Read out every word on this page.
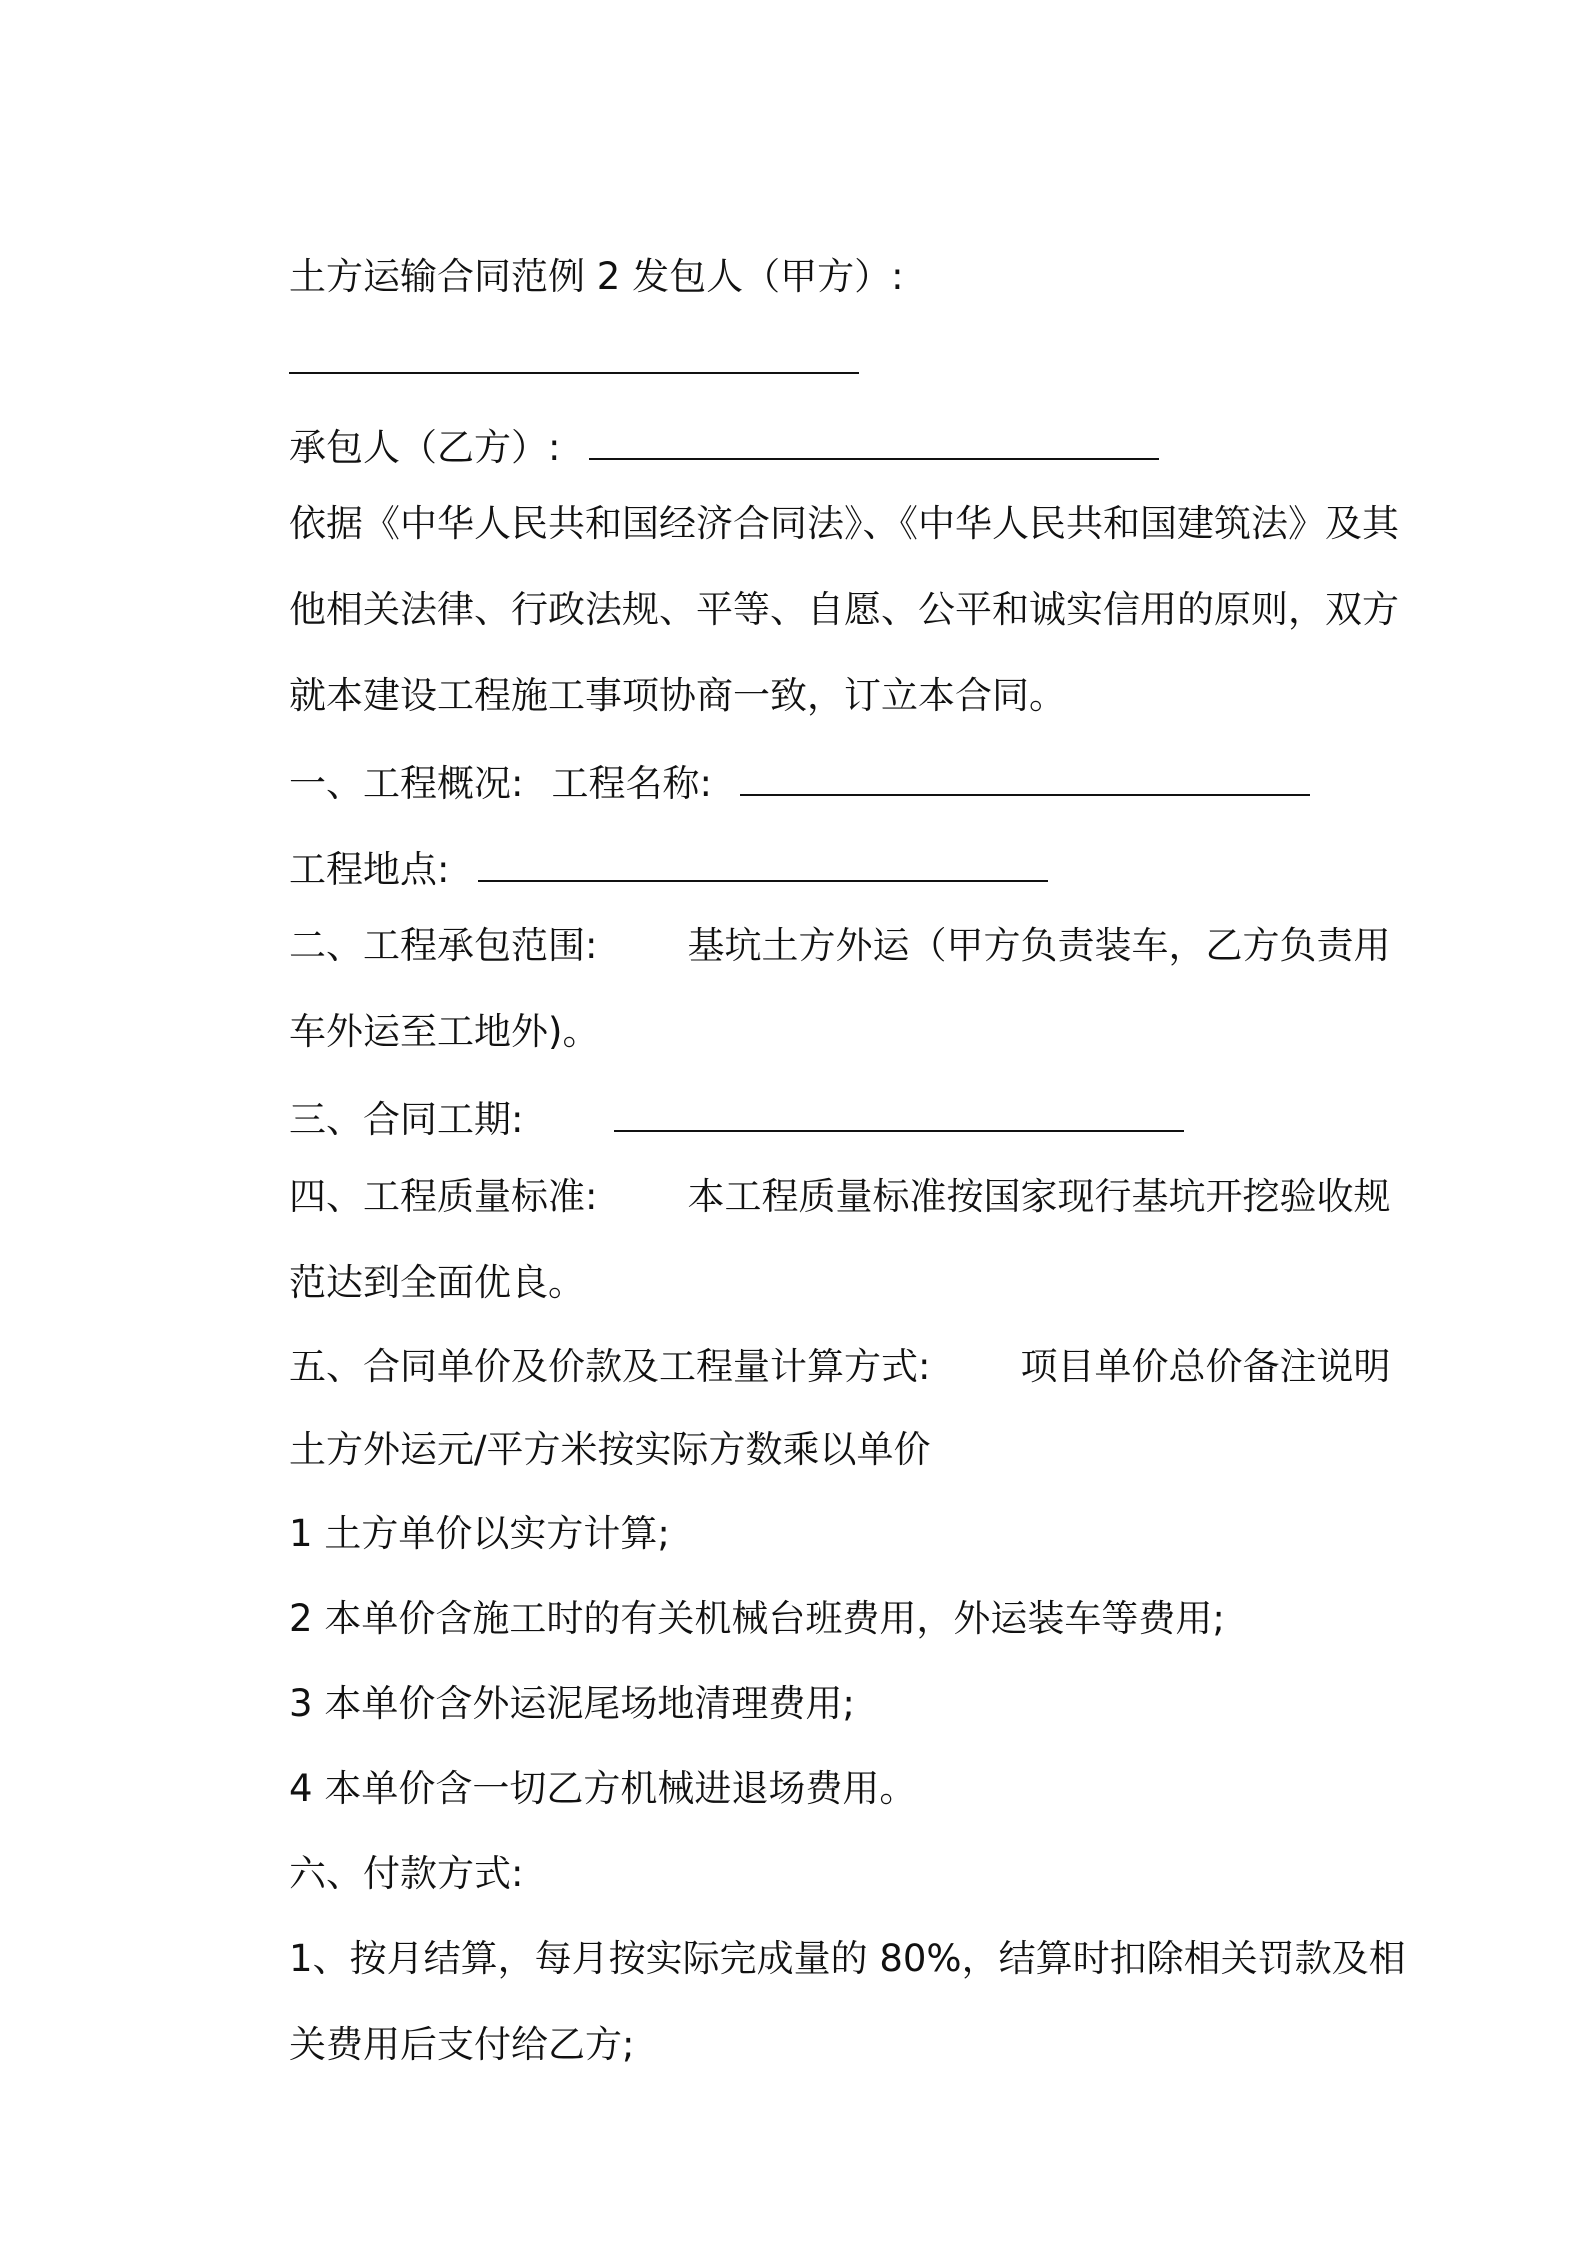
土方运输合同范例 2 发包人（甲方）:

承包人（乙方）:

依据《中华人民共和国经济合同法》、《中华人民共和国建筑法》及其

他相关法律、行政法规、平等、自愿、公平和诚实信用的原则，双方

就本建设工程施工事项协商一致，订立本合同。

一、工程概况: 工程名称:

工程地点:

二、工程承包范围: 基坑土方外运（甲方负责装车，乙方负责用

车外运至工地外)。

三、合同工期:

四、工程质量标准: 本工程质量标准按国家现行基坑开挖验收规

范达到全面优良。

五、合同单价及价款及工程量计算方式: 项目单价总价备注说明

土方外运元/平方米按实际方数乘以单价

1 土方单价以实方计算;

2 本单价含施工时的有关机械台班费用，外运装车等费用;

3 本单价含外运泥尾场地清理费用;

4 本单价含一切乙方机械进退场费用。

六、付款方式:

1、按月结算，每月按实际完成量的 80%，结算时扣除相关罚款及相

关费用后支付给乙方;
